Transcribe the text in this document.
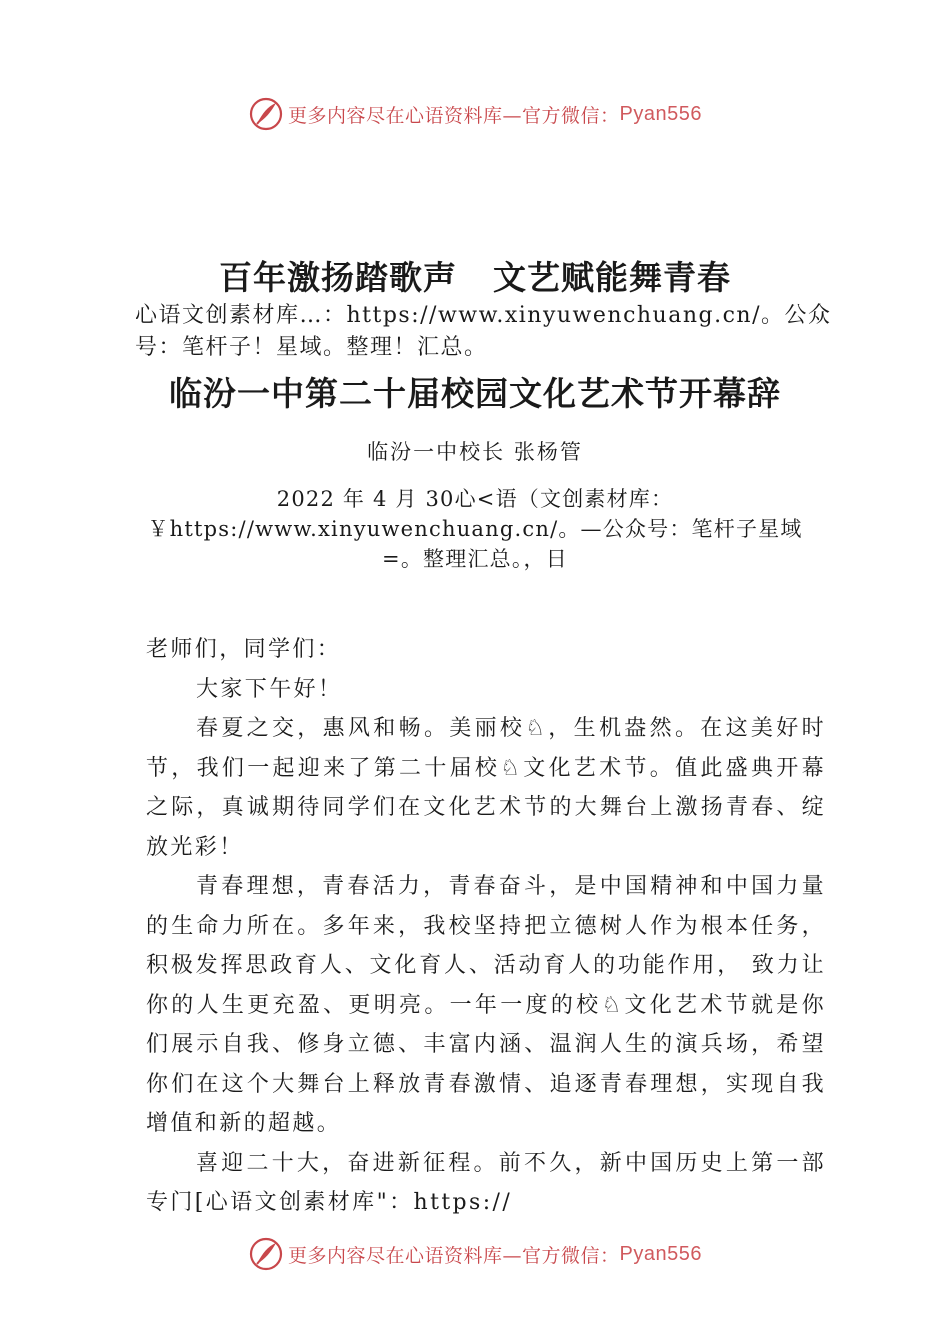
更多内容尽在心语资料库—官方微信： Pyan556
百年激扬踏歌声 文艺赋能舞青春
心语文创素材库…：https://www.xinyuwenchuang.cn/。公众号：笔杆子！星域。整理！汇总。
临汾一中第二十届校园文化艺术节开幕辞
临汾一中校长 张杨管
2022 年 4 月 30心<语（文创素材库：￥https://www.xinyuwenchuang.cn/。—公众号：笔杆子星域=。整理汇总。，日

老师们，同学们：

大家下午好！

春夏之交，惠风和畅。美丽校♘，生机盎然。在这美好时节，我们一起迎来了第二十届校♘文化艺术节。值此盛典开幕之际，真诚期待同学们在文化艺术节的大舞台上激扬青春、绽放光彩！

青春理想，青春活力，青春奋斗，是中国精神和中国力量的生命力所在。多年来，我校坚持把立德树人作为根本任务，积极发挥思政育人、文化育人、活动育人的功能作用， 致力让你的人生更充盈、更明亮。一年一度的校♘文化艺术节就是你们展示自我、修身立德、丰富内涵、温润人生的演兵场，希望你们在这个大舞台上释放青春激情、追逐青春理想，实现自我增值和新的超越。

喜迎二十大，奋进新征程。前不久，新中国历史上第一部专门[心语文创素材库"：https://

更多内容尽在心语资料库—官方微信： Pyan556
